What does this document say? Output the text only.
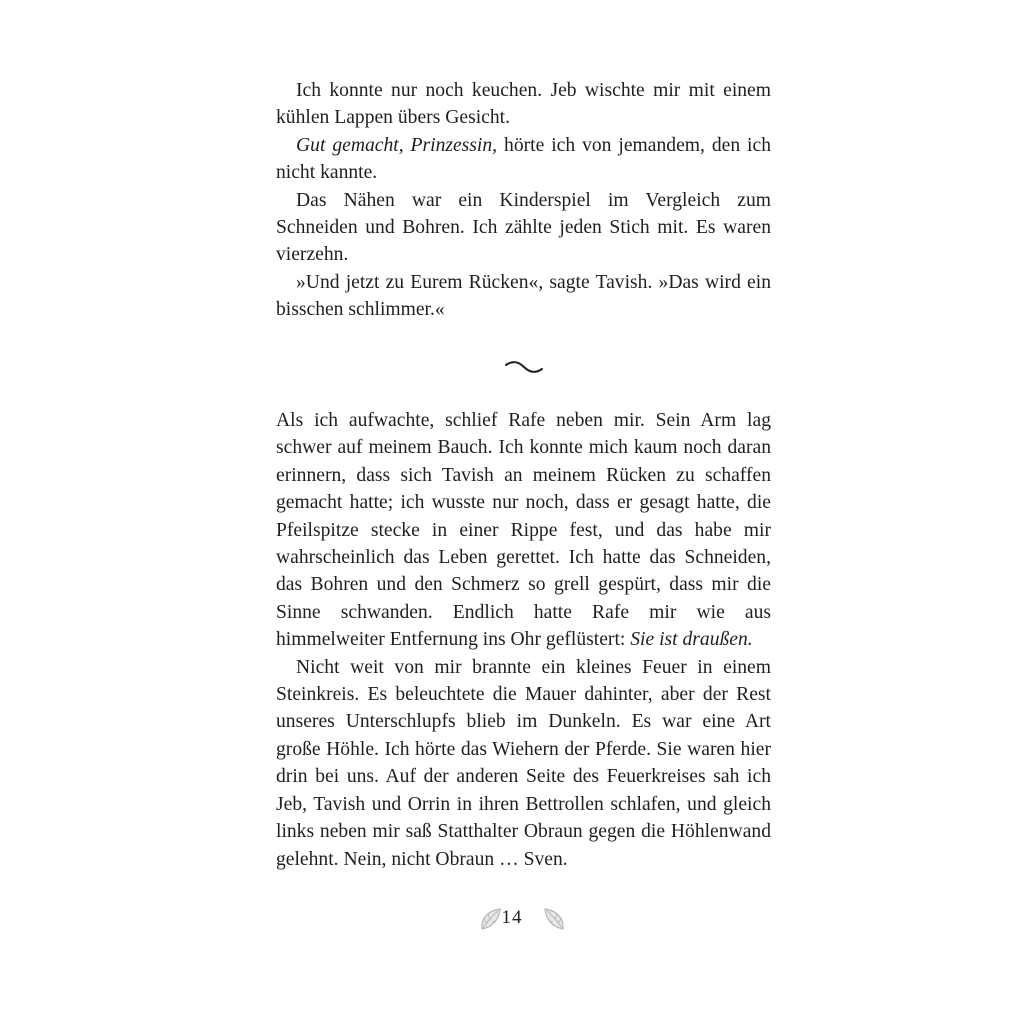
Ich konnte nur noch keuchen. Jeb wischte mir mit einem kühlen Lappen übers Gesicht.

Gut gemacht, Prinzessin, hörte ich von jemandem, den ich nicht kannte.

Das Nähen war ein Kinderspiel im Vergleich zum Schneiden und Bohren. Ich zählte jeden Stich mit. Es waren vierzehn.

»Und jetzt zu Eurem Rücken«, sagte Tavish. »Das wird ein bisschen schlimmer.«

Als ich aufwachte, schlief Rafe neben mir. Sein Arm lag schwer auf meinem Bauch. Ich konnte mich kaum noch daran erinnern, dass sich Tavish an meinem Rücken zu schaffen gemacht hatte; ich wusste nur noch, dass er gesagt hatte, die Pfeilspitze stecke in einer Rippe fest, und das habe mir wahrscheinlich das Leben gerettet. Ich hatte das Schneiden, das Bohren und den Schmerz so grell gespürt, dass mir die Sinne schwanden. Endlich hatte Rafe mir wie aus himmelweiter Entfernung ins Ohr geflüstert: Sie ist draußen.

Nicht weit von mir brannte ein kleines Feuer in einem Steinkreis. Es beleuchtete die Mauer dahinter, aber der Rest unseres Unterschlupfs blieb im Dunkeln. Es war eine Art große Höhle. Ich hörte das Wiehern der Pferde. Sie waren hier drin bei uns. Auf der anderen Seite des Feuerkreises sah ich Jeb, Tavish und Orrin in ihren Bettrollen schlafen, und gleich links neben mir saß Statthalter Obraun gegen die Höhlenwand gelehnt. Nein, nicht Obraun … Sven.

14
